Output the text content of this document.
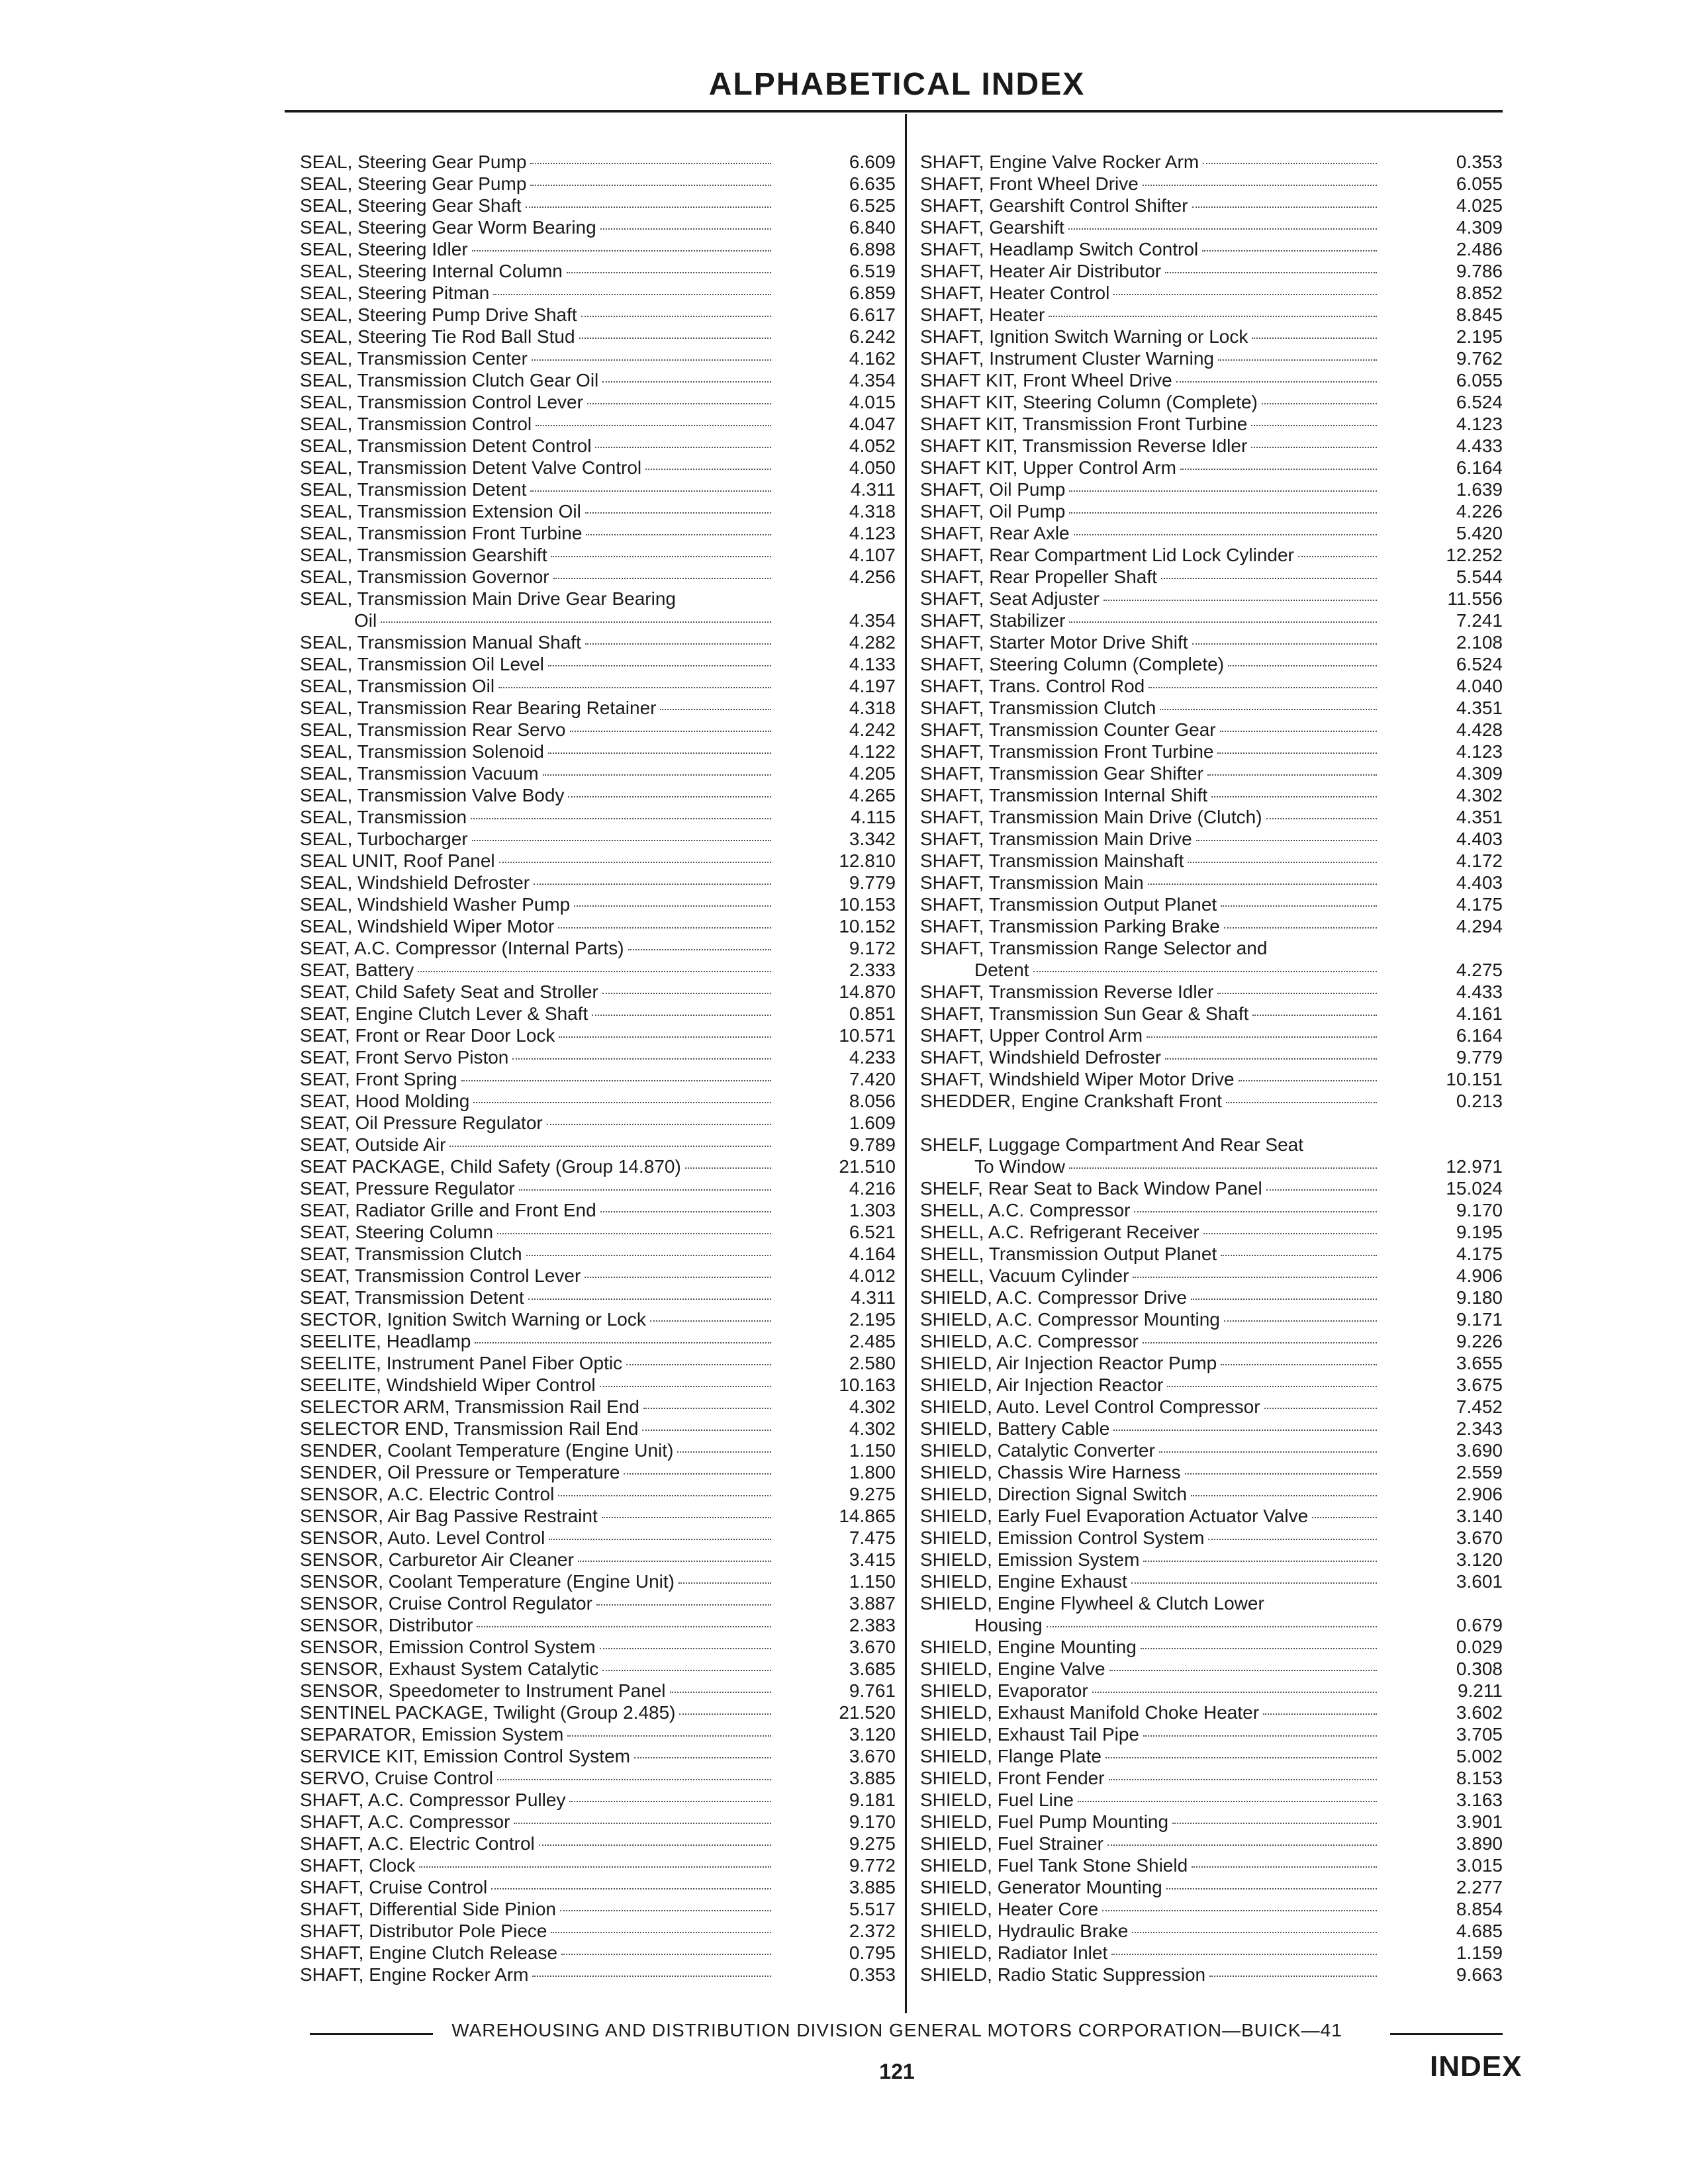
ALPHABETICAL INDEX
SEAL, Steering Gear Pump	6.609
SEAL, Steering Gear Pump	6.635
SEAL, Steering Gear Shaft	6.525
SEAL, Steering Gear Worm Bearing	6.840
SEAL, Steering Idler	6.898
SEAL, Steering Internal Column	6.519
SEAL, Steering Pitman	6.859
SEAL, Steering Pump Drive Shaft	6.617
SEAL, Steering Tie Rod Ball Stud	6.242
SEAL, Transmission Center	4.162
SEAL, Transmission Clutch Gear Oil	4.354
SEAL, Transmission Control Lever	4.015
SEAL, Transmission Control	4.047
SEAL, Transmission Detent Control	4.052
SEAL, Transmission Detent Valve Control	4.050
SEAL, Transmission Detent	4.311
SEAL, Transmission Extension Oil	4.318
SEAL, Transmission Front Turbine	4.123
SEAL, Transmission Gearshift	4.107
SEAL, Transmission Governor	4.256
SEAL, Transmission Main Drive Gear Bearing
Oil	4.354
SEAL, Transmission Manual Shaft	4.282
SEAL, Transmission Oil Level	4.133
SEAL, Transmission Oil	4.197
SEAL, Transmission Rear Bearing Retainer	4.318
SEAL, Transmission Rear Servo	4.242
SEAL, Transmission Solenoid	4.122
SEAL, Transmission Vacuum	4.205
SEAL, Transmission Valve Body	4.265
SEAL, Transmission	4.115
SEAL, Turbocharger	3.342
SEAL UNIT, Roof Panel	12.810
SEAL, Windshield Defroster	9.779
SEAL, Windshield Washer Pump	10.153
SEAL, Windshield Wiper Motor	10.152
SEAT, A.C. Compressor (Internal Parts)	9.172
SEAT, Battery	2.333
SEAT, Child Safety Seat and Stroller	14.870
SEAT, Engine Clutch Lever & Shaft	0.851
SEAT, Front or Rear Door Lock	10.571
SEAT, Front Servo Piston	4.233
SEAT, Front Spring	7.420
SEAT, Hood Molding	8.056
SEAT, Oil Pressure Regulator	1.609
SEAT, Outside Air	9.789
SEAT PACKAGE, Child Safety (Group 14.870)	21.510
SEAT, Pressure Regulator	4.216
SEAT, Radiator Grille and Front End	1.303
SEAT, Steering Column	6.521
SEAT, Transmission Clutch	4.164
SEAT, Transmission Control Lever	4.012
SEAT, Transmission Detent	4.311
SECTOR, Ignition Switch Warning or Lock	2.195
SEELITE, Headlamp	2.485
SEELITE, Instrument Panel Fiber Optic	2.580
SEELITE, Windshield Wiper Control	10.163
SELECTOR ARM, Transmission Rail End	4.302
SELECTOR END, Transmission Rail End	4.302
SENDER, Coolant Temperature (Engine Unit)	1.150
SENDER, Oil Pressure or Temperature	1.800
SENSOR, A.C. Electric Control	9.275
SENSOR, Air Bag Passive Restraint	14.865
SENSOR, Auto. Level Control	7.475
SENSOR, Carburetor Air Cleaner	3.415
SENSOR, Coolant Temperature (Engine Unit)	1.150
SENSOR, Cruise Control Regulator	3.887
SENSOR, Distributor	2.383
SENSOR, Emission Control System	3.670
SENSOR, Exhaust System Catalytic	3.685
SENSOR, Speedometer to Instrument Panel	9.761
SENTINEL PACKAGE, Twilight (Group 2.485)	21.520
SEPARATOR, Emission System	3.120
SERVICE KIT, Emission Control System	3.670
SERVO, Cruise Control	3.885
SHAFT, A.C. Compressor Pulley	9.181
SHAFT, A.C. Compressor	9.170
SHAFT, A.C. Electric Control	9.275
SHAFT, Clock	9.772
SHAFT, Cruise Control	3.885
SHAFT, Differential Side Pinion	5.517
SHAFT, Distributor Pole Piece	2.372
SHAFT, Engine Clutch Release	0.795
SHAFT, Engine Rocker Arm	0.353
SHAFT, Engine Valve Rocker Arm	0.353
SHAFT, Front Wheel Drive	6.055
SHAFT, Gearshift Control Shifter	4.025
SHAFT, Gearshift	4.309
SHAFT, Headlamp Switch Control	2.486
SHAFT, Heater Air Distributor	9.786
SHAFT, Heater Control	8.852
SHAFT, Heater	8.845
SHAFT, Ignition Switch Warning or Lock	2.195
SHAFT, Instrument Cluster Warning	9.762
SHAFT KIT, Front Wheel Drive	6.055
SHAFT KIT, Steering Column (Complete)	6.524
SHAFT KIT, Transmission Front Turbine	4.123
SHAFT KIT, Transmission Reverse Idler	4.433
SHAFT KIT, Upper Control Arm	6.164
SHAFT, Oil Pump	1.639
SHAFT, Oil Pump	4.226
SHAFT, Rear Axle	5.420
SHAFT, Rear Compartment Lid Lock Cylinder	12.252
SHAFT, Rear Propeller Shaft	5.544
SHAFT, Seat Adjuster	11.556
SHAFT, Stabilizer	7.241
SHAFT, Starter Motor Drive Shift	2.108
SHAFT, Steering Column (Complete)	6.524
SHAFT, Trans. Control Rod	4.040
SHAFT, Transmission Clutch	4.351
SHAFT, Transmission Counter Gear	4.428
SHAFT, Transmission Front Turbine	4.123
SHAFT, Transmission Gear Shifter	4.309
SHAFT, Transmission Internal Shift	4.302
SHAFT, Transmission Main Drive (Clutch)	4.351
SHAFT, Transmission Main Drive	4.403
SHAFT, Transmission Mainshaft	4.172
SHAFT, Transmission Main	4.403
SHAFT, Transmission Output Planet	4.175
SHAFT, Transmission Parking Brake	4.294
SHAFT, Transmission Range Selector and
Detent	4.275
SHAFT, Transmission Reverse Idler	4.433
SHAFT, Transmission Sun Gear & Shaft	4.161
SHAFT, Upper Control Arm	6.164
SHAFT, Windshield Defroster	9.779
SHAFT, Windshield Wiper Motor Drive	10.151
SHEDDER, Engine Crankshaft Front	0.213
SHELF, Luggage Compartment And Rear Seat
To Window	12.971
SHELF, Rear Seat to Back Window Panel	15.024
SHELL, A.C. Compressor	9.170
SHELL, A.C. Refrigerant Receiver	9.195
SHELL, Transmission Output Planet	4.175
SHELL, Vacuum Cylinder	4.906
SHIELD, A.C. Compressor Drive	9.180
SHIELD, A.C. Compressor Mounting	9.171
SHIELD, A.C. Compressor	9.226
SHIELD, Air Injection Reactor Pump	3.655
SHIELD, Air Injection Reactor	3.675
SHIELD, Auto. Level Control Compressor	7.452
SHIELD, Battery Cable	2.343
SHIELD, Catalytic Converter	3.690
SHIELD, Chassis Wire Harness	2.559
SHIELD, Direction Signal Switch	2.906
SHIELD, Early Fuel Evaporation Actuator Valve	3.140
SHIELD, Emission Control System	3.670
SHIELD, Emission System	3.120
SHIELD, Engine Exhaust	3.601
SHIELD, Engine Flywheel & Clutch Lower
Housing	0.679
SHIELD, Engine Mounting	0.029
SHIELD, Engine Valve	0.308
SHIELD, Evaporator	9.211
SHIELD, Exhaust Manifold Choke Heater	3.602
SHIELD, Exhaust Tail Pipe	3.705
SHIELD, Flange Plate	5.002
SHIELD, Front Fender	8.153
SHIELD, Fuel Line	3.163
SHIELD, Fuel Pump Mounting	3.901
SHIELD, Fuel Strainer	3.890
SHIELD, Fuel Tank Stone Shield	3.015
SHIELD, Generator Mounting	2.277
SHIELD, Heater Core	8.854
SHIELD, Hydraulic Brake	4.685
SHIELD, Radiator Inlet	1.159
SHIELD, Radio Static Suppression	9.663
WAREHOUSING AND DISTRIBUTION DIVISION GENERAL MOTORS CORPORATION—BUICK—41
121	INDEX
